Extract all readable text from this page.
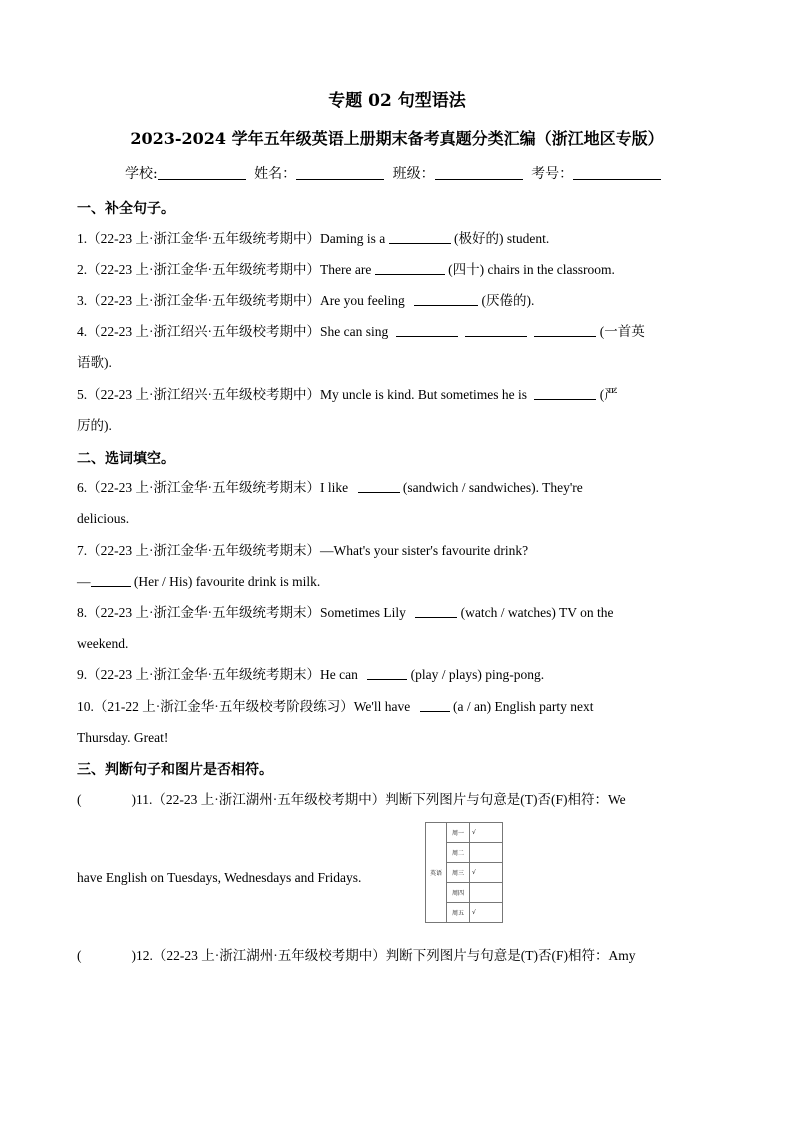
专题 02 句型语法
2023-2024 学年五年级英语上册期末备考真题分类汇编（浙江地区专版）
学校:	姓名：	班级：	考号：
一、补全句子。
1.（22-23 上·浙江金华·五年级统考期中）Daming is a	(极好的) student.
2.（22-23 上·浙江金华·五年级统考期中）There are	(四十) chairs in the classroom.
3.（22-23 上·浙江金华·五年级统考期中）Are you feeling	(厌倦的).
4.（22-23 上·浙江绍兴·五年级校考期中）She can sing	(一首英
语歌).
5.（22-23 上·浙江绍兴·五年级校考期中）My uncle is kind. But sometimes he is	(严
厉的).
二、选词填空。
6.（22-23 上·浙江金华·五年级统考期末）I like	(sandwich / sandwiches). They're
delicious.
7.（22-23 上·浙江金华·五年级统考期末）—What's your sister's favourite drink?
—	(Her / His) favourite drink is milk.
8.（22-23 上·浙江金华·五年级统考期末）Sometimes Lily	(watch / watches) TV on the
weekend.
9.（22-23 上·浙江金华·五年级统考期末）He can	(play / plays) ping-pong.
10.（21-22 上·浙江金华·五年级校考阶段练习）We'll have	(a / an) English party next
Thursday. Great!
三、判断句子和图片是否相符。
(	)11.（22-23 上·浙江湖州·五年级校考期中）判断下列图片与句意是(T)否(F)相符：We
have English on Tuesdays, Wednesdays and Fridays.	英语	周一	√
	周二	
	周三	√
	周四	
	周五	√
(	)12.（22-23 上·浙江湖州·五年级校考期中）判断下列图片与句意是(T)否(F)相符：Amy
